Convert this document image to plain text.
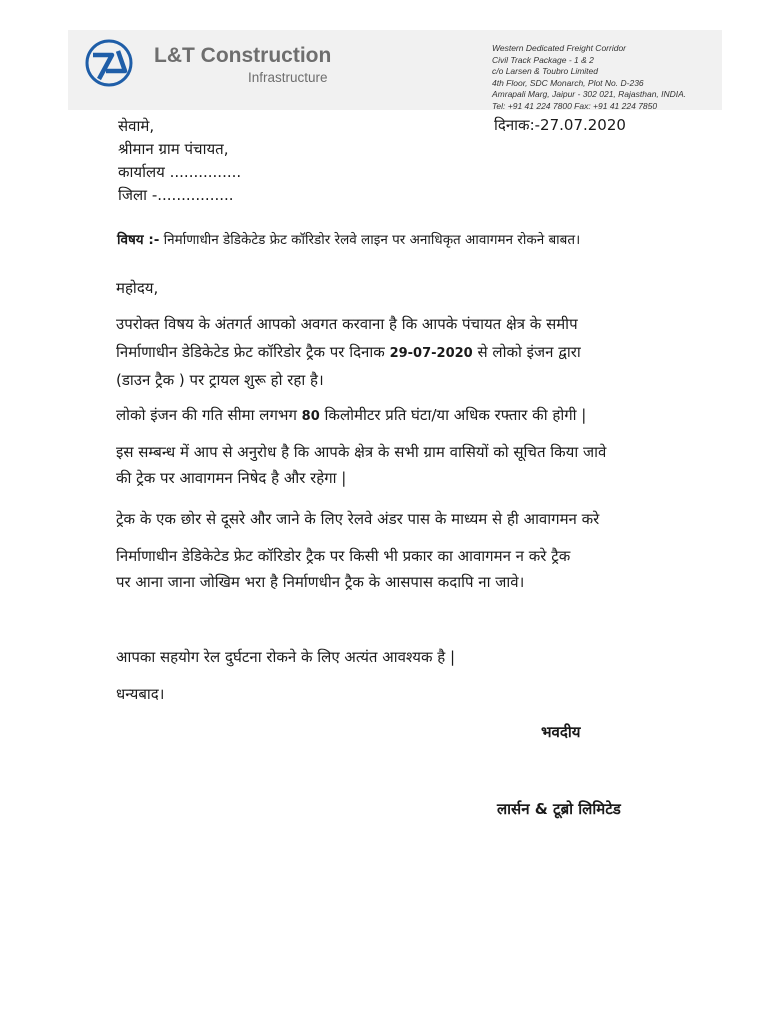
L&T Construction
Infrastructure
Western Dedicated Freight Corridor
Civil Track Package - 1 & 2
c/o Larsen & Toubro Limited
4th Floor, SDC Monarch, Plot No. D-236
Amrapali Marg, Jaipur - 302 021, Rajasthan, INDIA.
Tel: +91 41 224 7800 Fax: +91 41 224 7850
दिनाक:-27.07.2020
सेवामे,
श्रीमान ग्राम पंचायत,
कार्यालय ...............
जिला -................
विषय :- निर्माणाधीन डेडिकेटेड फ्रेट कॉरिडोर रेलवे लाइन पर अनाधिकृत आवागमन रोकने बाबत।
महोदय,
उपरोक्त विषय के अंतगर्त आपको अवगत करवाना है कि आपके पंचायत क्षेत्र के समीप
निर्माणाधीन डेडिकेटेड फ्रेट कॉरिडोर ट्रैक पर दिनाक 29-07-2020 से लोको इंजन द्वारा
(डाउन ट्रैक ) पर ट्रायल शुरू हो रहा है।
लोको इंजन की गति सीमा लगभग 80 किलोमीटर प्रति घंटा/या अधिक रफ्तार की होगी |
इस सम्बन्ध में आप से अनुरोध है कि आपके क्षेत्र के सभी ग्राम वासियों को सूचित किया जावे
की ट्रेक पर आवागमन निषेद है और रहेगा |
ट्रेक के एक छोर से दूसरे और जाने के लिए रेलवे अंडर पास के माध्यम से ही आवागमन करे
निर्माणाधीन डेडिकेटेड फ्रेट कॉरिडोर ट्रैक पर किसी भी प्रकार का आवागमन न करे ट्रैक
पर आना जाना जोखिम भरा है निर्माणधीन ट्रैक के आसपास कदापि ना जावे।
आपका सहयोग रेल दुर्घटना रोकने के लिए अत्यंत आवश्यक है |
धन्यबाद।
भवदीय
लार्सन & टूब्रो लिमिटेड
